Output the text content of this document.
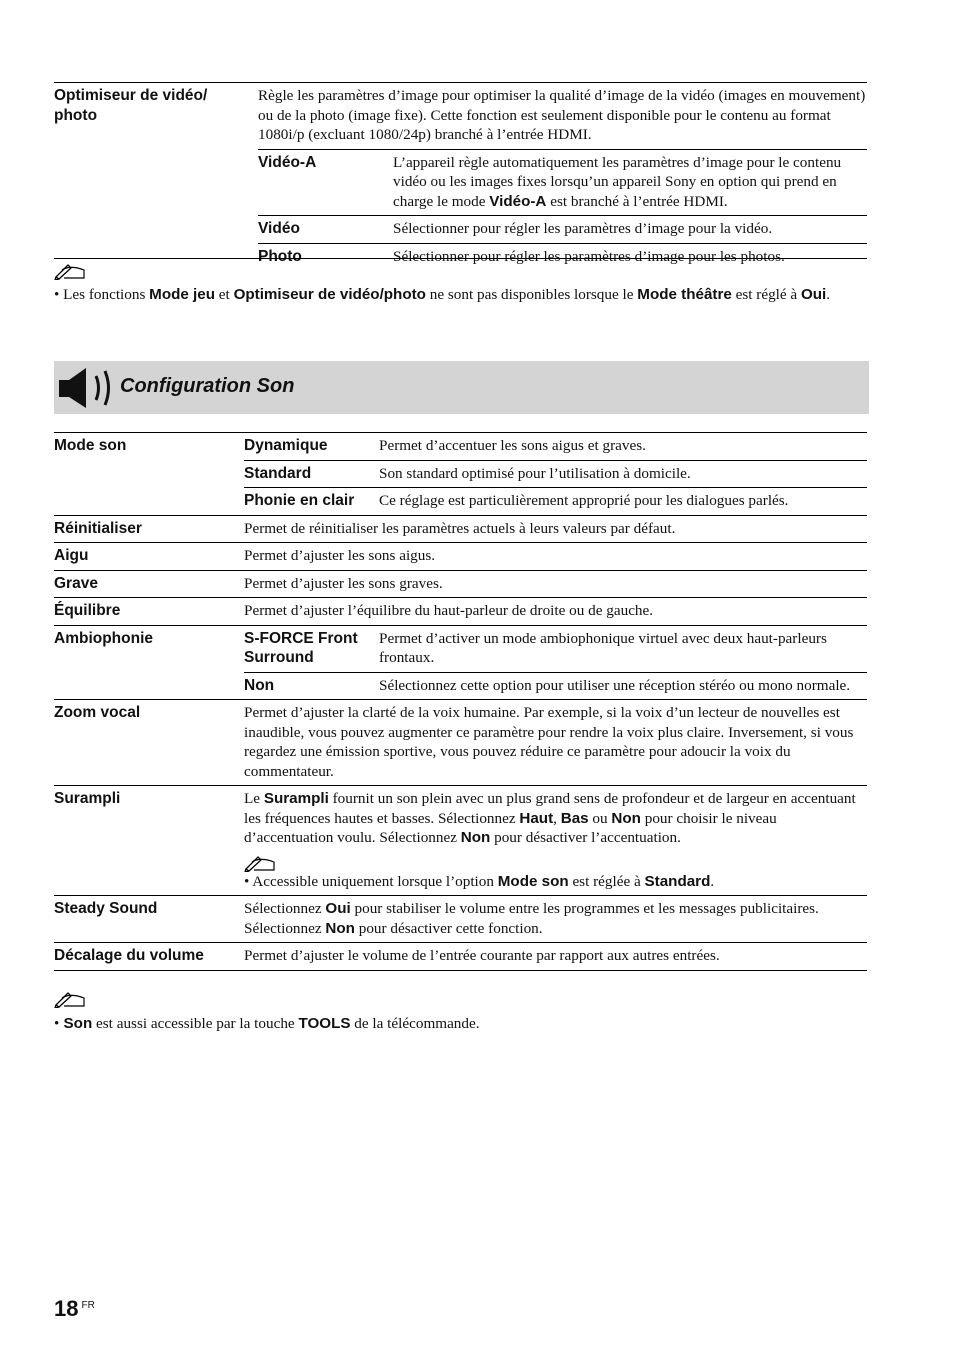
Optimiseur de vidéo/ photo	Règle les paramètres d’image pour optimiser la qualité d’image de la vidéo (images en mouvement) ou de la photo (image fixe). Cette fonction est seulement disponible pour le contenu au format 1080i/p (excluant 1080/24p) branché à l’entrée HDMI.	
	Vidéo-A	L’appareil règle automatiquement les paramètres d’image pour le contenu vidéo ou les images fixes lorsqu’un appareil Sony en option qui prend en charge le mode Vidéo-A est branché à l’entrée HDMI.
	Vidéo	Sélectionner pour régler les paramètres d’image pour la vidéo.
	Photo	Sélectionner pour régler les paramètres d’image pour les photos.
• Les fonctions Mode jeu et Optimiseur de vidéo/photo ne sont pas disponibles lorsque le Mode théâtre est réglé à Oui.
Configuration Son
Mode son	Dynamique	Permet d’accentuer les sons aigus et graves.
	Standard	Son standard optimisé pour l’utilisation à domicile.
	Phonie en clair	Ce réglage est particulièrement approprié pour les dialogues parlés.
Réinitialiser	Permet de réinitialiser les paramètres actuels à leurs valeurs par défaut.	
Aigu	Permet d’ajuster les sons aigus.	
Grave	Permet d’ajuster les sons graves.	
Équilibre	Permet d’ajuster l’équilibre du haut-parleur de droite ou de gauche.	
Ambiophonie	S-FORCE Front Surround	Permet d’activer un mode ambiophonique virtuel avec deux haut-parleurs frontaux.
	Non	Sélectionnez cette option pour utiliser une réception stéréo ou mono normale.
Zoom vocal	Permet d’ajuster la clarté de la voix humaine. Par exemple, si la voix d’un lecteur de nouvelles est inaudible, vous pouvez augmenter ce paramètre pour rendre la voix plus claire. Inversement, si vous regardez une émission sportive, vous pouvez réduire ce paramètre pour adoucir la voix du commentateur.	
Surampli	Le Surampli fournit un son plein avec un plus grand sens de profondeur et de largeur en accentuant les fréquences hautes et basses. Sélectionnez Haut, Bas ou Non pour choisir le niveau d’accentuation voulu. Sélectionnez Non pour désactiver l’accentuation.
• Accessible uniquement lorsque l’option Mode son est réglée à Standard.	

Steady Sound	Sélectionnez Oui pour stabiliser le volume entre les programmes et les messages publicitaires. Sélectionnez Non pour désactiver cette fonction.	
Décalage du volume	Permet d’ajuster le volume de l’entrée courante par rapport aux autres entrées.	

• Son est aussi accessible par la touche TOOLS de la télécommande.
18 $^{FR}$
